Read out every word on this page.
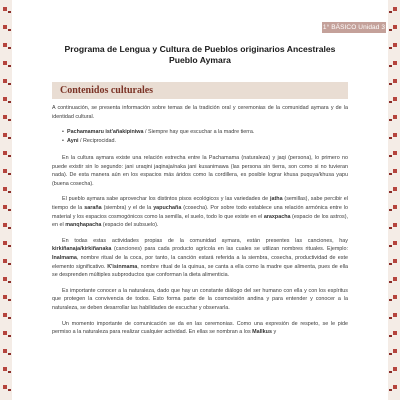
1° BÁSICO Unidad 3
Programa de Lengua y Cultura de Pueblos originarios Ancestrales
Pueblo Aymara
Contenidos culturales

A continuación, se presenta información sobre temas de la tradición oral y ceremonias de la comunidad aymara y de la identidad cultural.

• Pachamamaru ist'añakipiniwa / Siempre hay que escuchar a la madre tierra.
• Ayni / Reciprocidad.

En la cultura aymara existe una relación estrecha entre la Pachamama (naturaleza) y jaqi (persona), lo primero no puede existir sin lo segundo: jani uraqini jaqinaja/naka jani kusanimawa (las persona sin tierra, son como si no tuvieran nada). De esta manera aún en los espacios más áridos como la cordillera, es posible lograr khusa puquya/khusa yapu (buena cosecha).

El pueblo aymara sabe aprovechar los distintos pisos ecológicos y las variedades de jatha (semillas), sabe percibir el tiempo de la saraña (siembra) y el de la yapuchaña (cosecha). Por sobre todo establece una relación armónica entre lo material y los espacios cosmogónicos como la semilla, el suelo, todo lo que existe en el araxpacha (espacio de los astros), en el manqhapacha (espacio del subsuelo).

En todas estas actividades propias de la comunidad aymara, están presentes las canciones, hay kirkiñanaja/kirkiñanaka (canciones) para cada producto agrícola en las cuales se utilizan nombres rituales. Ejemplo: Inalmama, nombre ritual de la coca, por tanto, la canción estará referida a la siembra, cosecha, productividad de este elemento significativo. K'isinmama, nombre ritual de la quinua, se canta a ella como la madre que alimenta, pues de ella se desprenden múltiples subproductos que conforman la dieta alimenticia.

Es importante conocer a la naturaleza, dado que hay un constante diálogo del ser humano con ella y con los espíritus que protegen la convivencia de todos. Esto forma parte de la cosmovisión andina y para entender y conocer a la naturaleza, se deben desarrollar las habilidades de escuchar y observarla.

Un momento importante de comunicación se da en las ceremonias. Como una expresión de respeto, se le pide permiso a la naturaleza para realizar cualquier actividad. En ellas se nombran a los Mallkus y
